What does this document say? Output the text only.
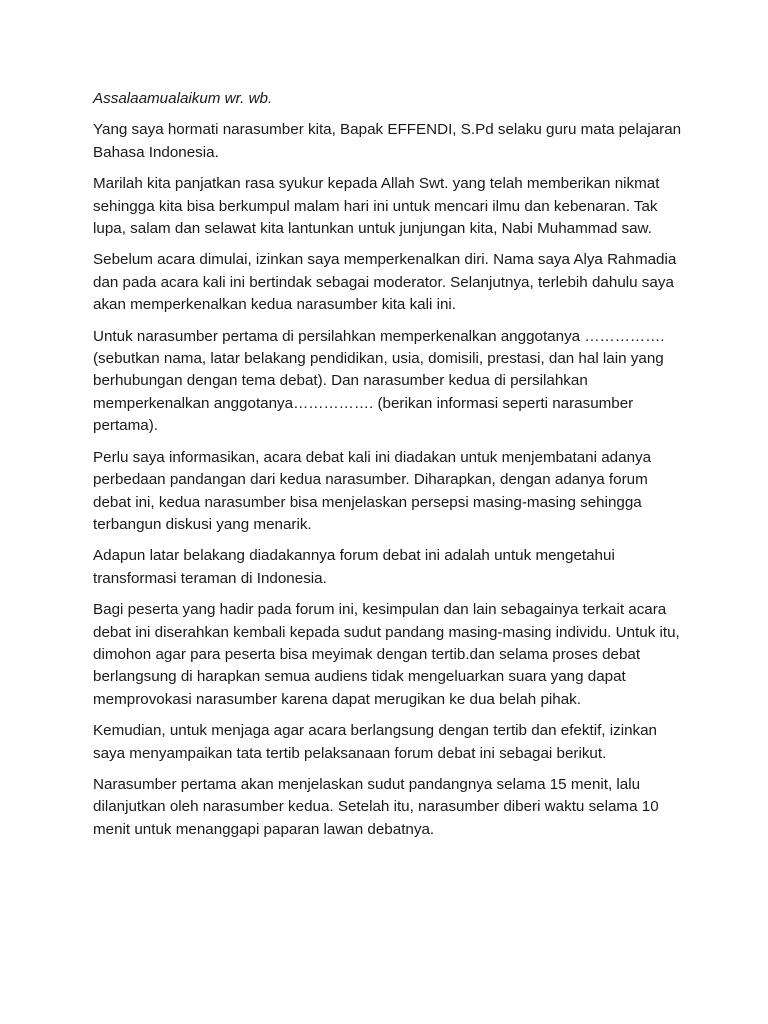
Assalaamualaikum wr. wb.

Yang saya hormati narasumber kita, Bapak EFFENDI, S.Pd selaku guru mata pelajaran Bahasa Indonesia.

Marilah kita panjatkan rasa syukur kepada Allah Swt. yang telah memberikan nikmat sehingga kita bisa berkumpul malam hari ini untuk mencari ilmu dan kebenaran. Tak lupa, salam dan selawat kita lantunkan untuk junjungan kita, Nabi Muhammad saw.

Sebelum acara dimulai, izinkan saya memperkenalkan diri. Nama saya Alya Rahmadia dan pada acara kali ini bertindak sebagai moderator. Selanjutnya, terlebih dahulu saya akan memperkenalkan kedua narasumber kita kali ini.

Untuk narasumber pertama di persilahkan memperkenalkan anggotanya ……………. (sebutkan nama, latar belakang pendidikan, usia, domisili, prestasi, dan hal lain yang berhubungan dengan tema debat). Dan narasumber kedua di persilahkan memperkenalkan anggotanya……………. (berikan informasi seperti narasumber pertama).

Perlu saya informasikan, acara debat kali ini diadakan untuk menjembatani adanya perbedaan pandangan dari kedua narasumber. Diharapkan, dengan adanya forum debat ini, kedua narasumber bisa menjelaskan persepsi masing-masing sehingga terbangun diskusi yang menarik.

Adapun latar belakang diadakannya forum debat ini adalah untuk mengetahui transformasi teraman di Indonesia.

Bagi peserta yang hadir pada forum ini, kesimpulan dan lain sebagainya terkait acara debat ini diserahkan kembali kepada sudut pandang masing-masing individu. Untuk itu, dimohon agar para peserta bisa meyimak dengan tertib.dan selama proses debat berlangsung di harapkan semua audiens tidak mengeluarkan suara yang dapat memprovokasi narasumber karena dapat merugikan ke dua belah pihak.

Kemudian, untuk menjaga agar acara berlangsung dengan tertib dan efektif, izinkan saya menyampaikan tata tertib pelaksanaan forum debat ini sebagai berikut.

Narasumber pertama akan menjelaskan sudut pandangnya selama 15 menit, lalu dilanjutkan oleh narasumber kedua. Setelah itu, narasumber diberi waktu selama 10 menit untuk menanggapi paparan lawan debatnya.
